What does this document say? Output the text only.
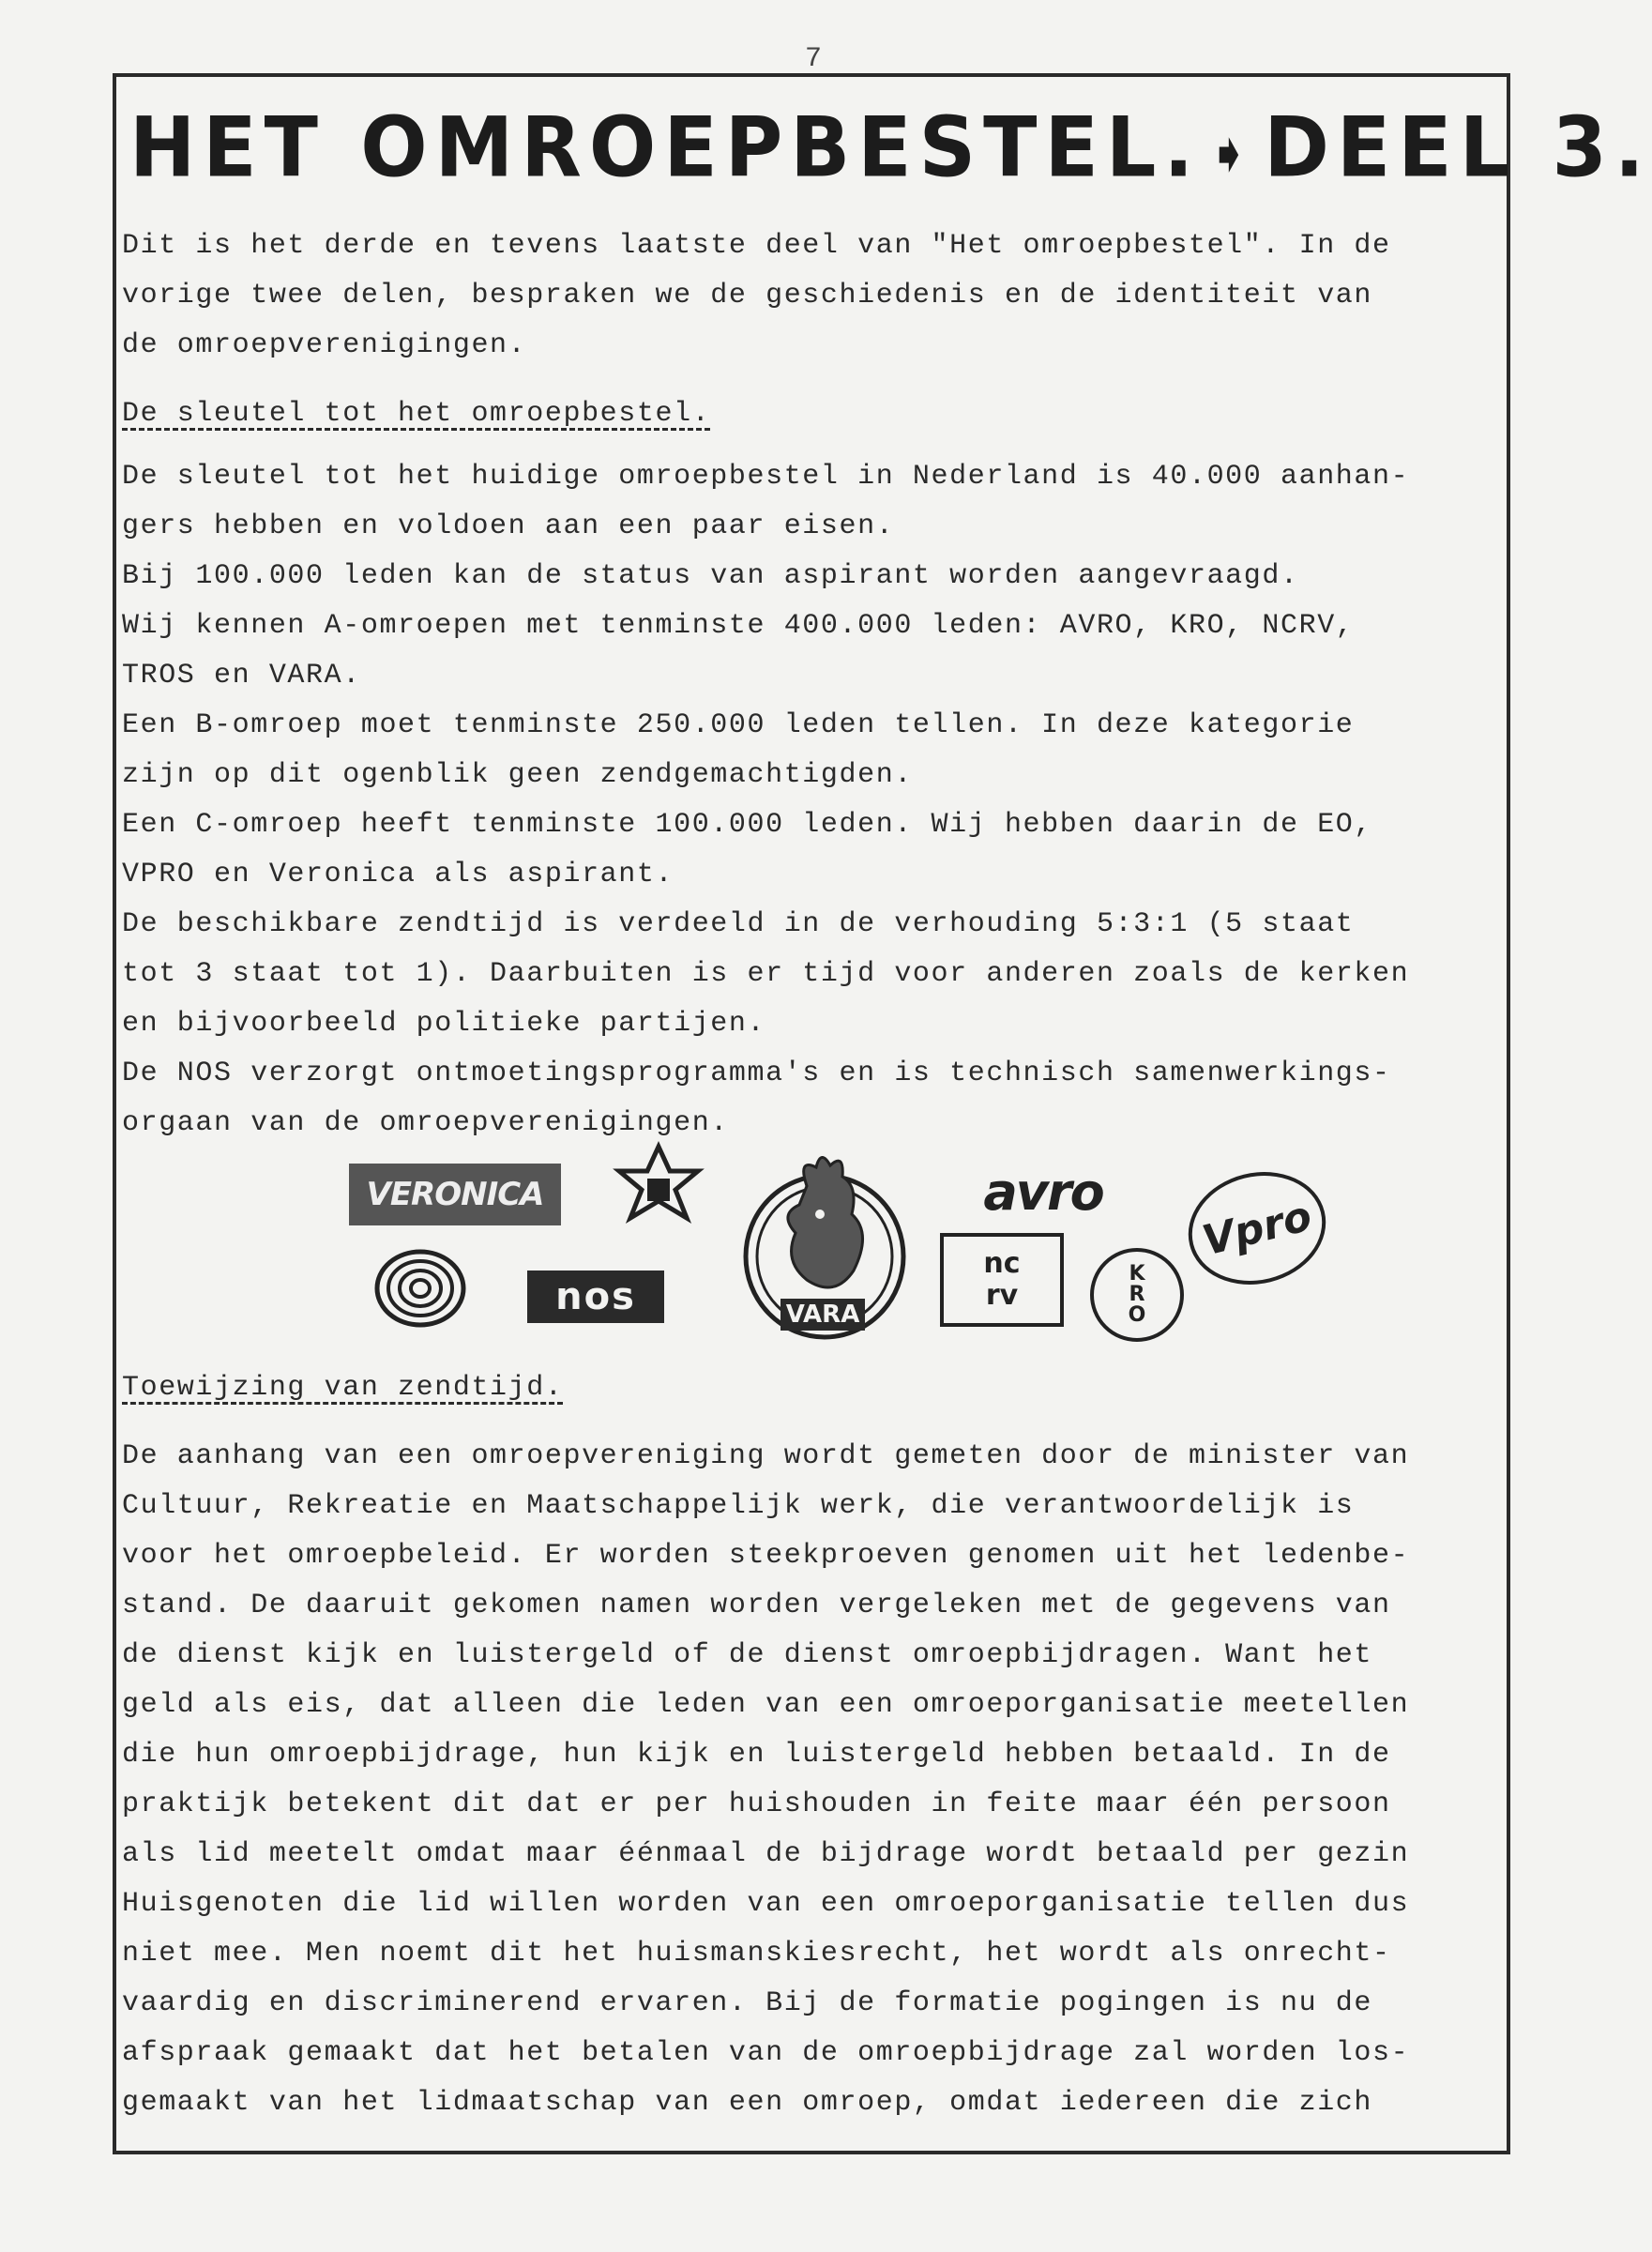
7
HET OMROEPBESTEL. ➧DEEL 3.
Dit is het derde en tevens laatste deel van "Het omroepbestel". In de
vorige twee delen, bespraken we de geschiedenis en de identiteit van
de omroepverenigingen.
De sleutel tot het omroepbestel.
De sleutel tot het huidige omroepbestel in Nederland is 40.000 aanhan-
gers hebben en voldoen aan een paar eisen.
Bij 100.000 leden kan de status van aspirant worden aangevraagd.
Wij kennen A-omroepen met tenminste 400.000 leden: AVRO, KRO, NCRV,
TROS en VARA.
Een B-omroep moet tenminste 250.000 leden tellen. In deze kategorie
zijn op dit ogenblik geen zendgemachtigden.
Een C-omroep heeft tenminste 100.000 leden. Wij hebben daarin de EO,
VPRO en Veronica als aspirant.
De beschikbare zendtijd is verdeeld in de verhouding 5:3:1 (5 staat
tot 3 staat tot 1). Daarbuiten is er tijd voor anderen zoals de kerken
en bijvoorbeeld politieke partijen.
De NOS verzorgt ontmoetingsprogramma's en is technisch samenwerkings-
orgaan van de omroepverenigingen.
VERONICA
nos	VARA
avro
nc
rv
K
R
O
Vpro
Toewijzing van zendtijd.
De aanhang van een omroepvereniging wordt gemeten door de minister van
Cultuur, Rekreatie en Maatschappelijk werk, die verantwoordelijk is
voor het omroepbeleid. Er worden steekproeven genomen uit het ledenbe-
stand. De daaruit gekomen namen worden vergeleken met de gegevens van
de dienst kijk en luistergeld of de dienst omroepbijdragen. Want het
geld als eis, dat alleen die leden van een omroeporganisatie meetellen
die hun omroepbijdrage, hun kijk en luistergeld hebben betaald. In de
praktijk betekent dit dat er per huishouden in feite maar één persoon
als lid meetelt omdat maar éénmaal de bijdrage wordt betaald per gezin
Huisgenoten die lid willen worden van een omroeporganisatie tellen dus
niet mee. Men noemt dit het huismanskiesrecht, het wordt als onrecht-
vaardig en discriminerend ervaren. Bij de formatie pogingen is nu de
afspraak gemaakt dat het betalen van de omroepbijdrage zal worden los-
gemaakt van het lidmaatschap van een omroep, omdat iedereen die zich
